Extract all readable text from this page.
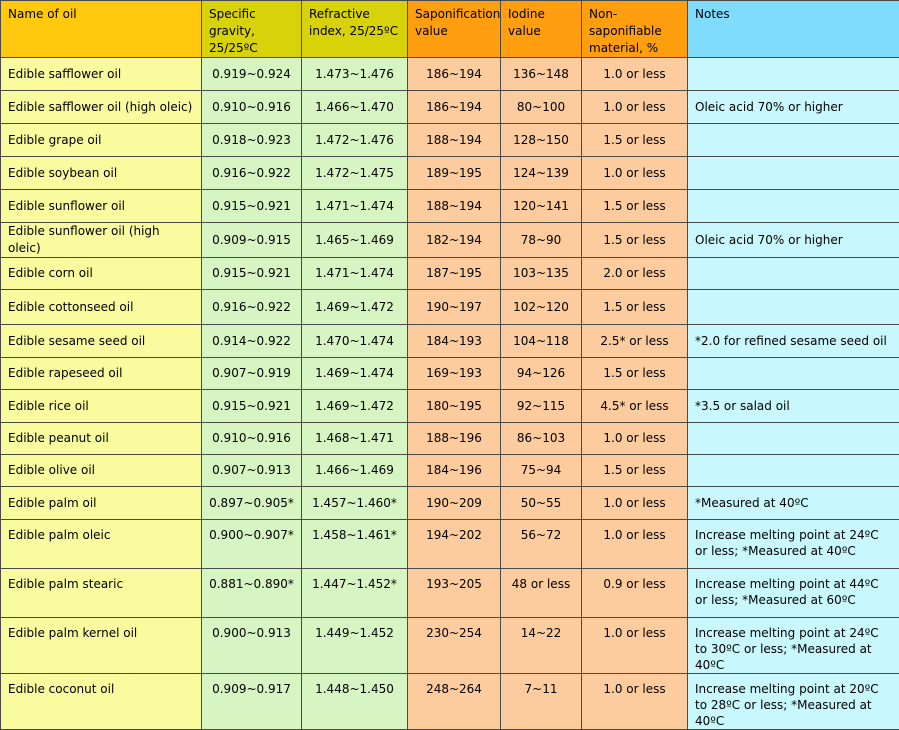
Name of oil	Specific gravity, 25/25ºC	Refractive index, 25/25ºC	Saponification value	Iodine value	Non-saponifiable material, %	Notes
Edible safflower oil	0.919~0.924	1.473~1.476	186~194	136~148	1.0 or less	
Edible safflower oil (high oleic)	0.910~0.916	1.466~1.470	186~194	80~100	1.0 or less	Oleic acid 70% or higher
Edible grape oil	0.918~0.923	1.472~1.476	188~194	128~150	1.5 or less	
Edible soybean oil	0.916~0.922	1.472~1.475	189~195	124~139	1.0 or less	
Edible sunflower oil	0.915~0.921	1.471~1.474	188~194	120~141	1.5 or less	
Edible sunflower oil (high oleic)	0.909~0.915	1.465~1.469	182~194	78~90	1.5 or less	Oleic acid 70% or higher
Edible corn oil	0.915~0.921	1.471~1.474	187~195	103~135	2.0 or less	
Edible cottonseed oil	0.916~0.922	1.469~1.472	190~197	102~120	1.5 or less	
Edible sesame seed oil	0.914~0.922	1.470~1.474	184~193	104~118	2.5* or less	*2.0 for refined sesame seed oil
Edible rapeseed oil	0.907~0.919	1.469~1.474	169~193	94~126	1.5 or less	
Edible rice oil	0.915~0.921	1.469~1.472	180~195	92~115	4.5* or less	*3.5 or salad oil
Edible peanut oil	0.910~0.916	1.468~1.471	188~196	86~103	1.0 or less	
Edible olive oil	0.907~0.913	1.466~1.469	184~196	75~94	1.5 or less	
Edible palm oil	0.897~0.905*	1.457~1.460*	190~209	50~55	1.0 or less	*Measured at 40ºC
Edible palm oleic	0.900~0.907*	1.458~1.461*	194~202	56~72	1.0 or less	Increase melting point at 24ºC or less; *Measured at 40ºC
Edible palm stearic	0.881~0.890*	1.447~1.452*	193~205	48 or less	0.9 or less	Increase melting point at 44ºC or less; *Measured at 60ºC
Edible palm kernel oil	0.900~0.913	1.449~1.452	230~254	14~22	1.0 or less	Increase melting point at 24ºC to 30ºC or less; *Measured at 40ºC
Edible coconut oil	0.909~0.917	1.448~1.450	248~264	7~11	1.0 or less	Increase melting point at 20ºC to 28ºC or less; *Measured at 40ºC
